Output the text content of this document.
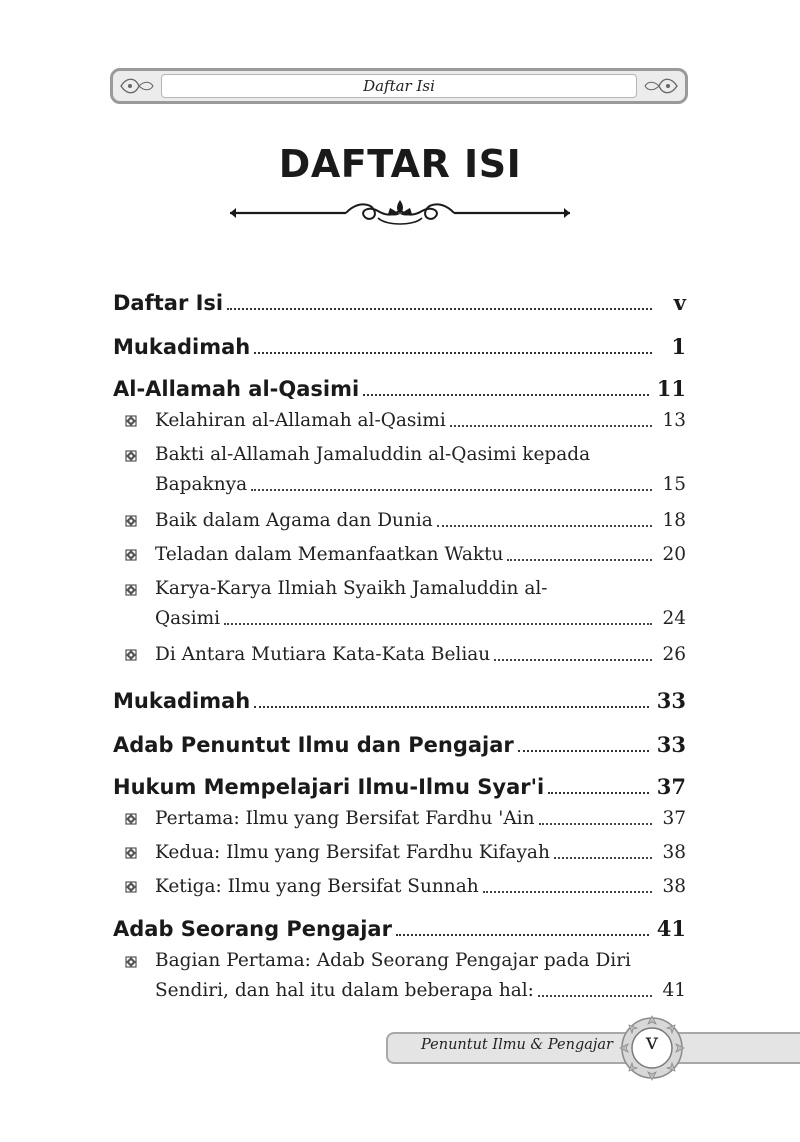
Daftar Isi
DAFTAR ISI
Daftar Isi	v
Mukadimah	1
Al-Allamah al-Qasimi	11
Kelahiran al-Allamah al-Qasimi	13
Bakti al-Allamah Jamaluddin al-Qasimi kepada
Bapaknya	15
Baik dalam Agama dan Dunia	18
Teladan dalam Memanfaatkan Waktu	20
Karya-Karya Ilmiah Syaikh Jamaluddin al-
Qasimi	24
Di Antara Mutiara Kata-Kata Beliau	26
Mukadimah	33
Adab Penuntut Ilmu dan Pengajar	33
Hukum Mempelajari Ilmu-Ilmu Syar'i	37
Pertama: Ilmu yang Bersifat Fardhu 'Ain	37
Kedua: Ilmu yang Bersifat Fardhu Kifayah	38
Ketiga: Ilmu yang Bersifat Sunnah	38
Adab Seorang Pengajar	41
Bagian Pertama: Adab Seorang Pengajar pada Diri
Sendiri, dan hal itu dalam beberapa hal:	41
Penuntut Ilmu & Pengajar	v
